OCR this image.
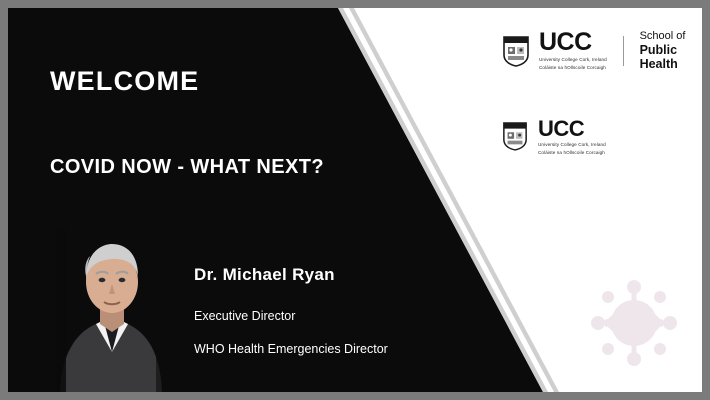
WELCOME
COVID NOW - WHAT NEXT?
Dr. Michael Ryan
Executive Director
WHO Health Emergencies Director
UCC
University College Cork, Ireland
Coláiste na hOllscoile Corcaigh
School of
Public Health
UCC
University College Cork, Ireland
Coláiste na hOllscoile Corcaigh
